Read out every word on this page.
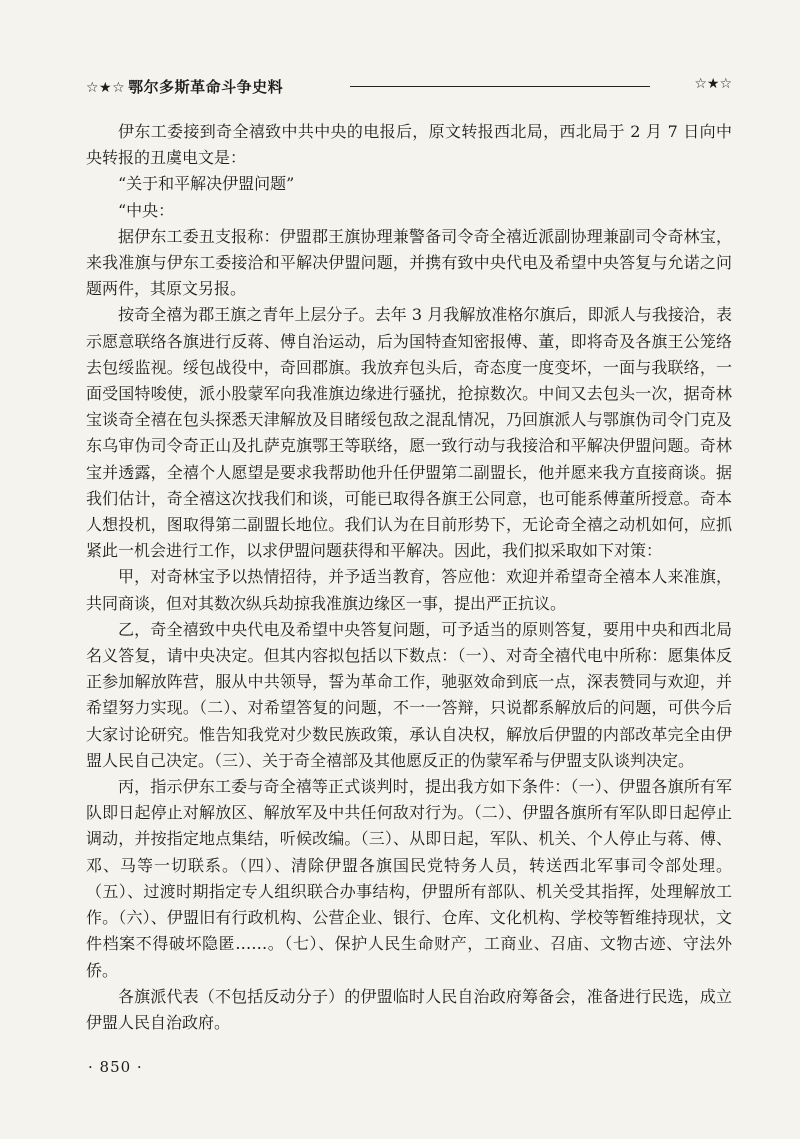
☆★☆ 鄂尔多斯革命斗争史料	☆★☆

伊东工委接到奇全禧致中共中央的电报后，原文转报西北局，西北局于 2 月 7 日向中央转报的丑虞电文是：

“关于和平解决伊盟问题”

“中央：

据伊东工委丑支报称：伊盟郡王旗协理兼警备司令奇全禧近派副协理兼副司令奇林宝，来我准旗与伊东工委接洽和平解决伊盟问题，并携有致中央代电及希望中央答复与允诺之问题两件，其原文另报。

按奇全禧为郡王旗之青年上层分子。去年 3 月我解放准格尔旗后，即派人与我接洽，表示愿意联络各旗进行反蒋、傅自治运动，后为国特查知密报傅、董，即将奇及各旗王公笼络去包绥监视。绥包战役中，奇回郡旗。我放弃包头后，奇态度一度变坏，一面与我联络，一面受国特唆使，派小股蒙军向我准旗边缘进行骚扰，抢掠数次。中间又去包头一次，据奇林宝谈奇全禧在包头探悉天津解放及目睹绥包敌之混乱情况，乃回旗派人与鄂旗伪司令门克及东乌审伪司令奇正山及扎萨克旗鄂王等联络，愿一致行动与我接洽和平解决伊盟问题。奇林宝并透露，全禧个人愿望是要求我帮助他升任伊盟第二副盟长，他并愿来我方直接商谈。据我们估计，奇全禧这次找我们和谈，可能已取得各旗王公同意，也可能系傅董所授意。奇本人想投机，图取得第二副盟长地位。我们认为在目前形势下，无论奇全禧之动机如何，应抓紧此一机会进行工作，以求伊盟问题获得和平解决。因此，我们拟采取如下对策：

甲，对奇林宝予以热情招待，并予适当教育，答应他：欢迎并希望奇全禧本人来准旗，共同商谈，但对其数次纵兵劫掠我准旗边缘区一事，提出严正抗议。

乙，奇全禧致中央代电及希望中央答复问题，可予适当的原则答复，要用中央和西北局名义答复，请中央决定。但其内容拟包括以下数点：（一）、对奇全禧代电中所称：愿集体反正参加解放阵营，服从中共领导，誓为革命工作，驰驱效命到底一点，深表赞同与欢迎，并希望努力实现。（二）、对希望答复的问题，不一一答辩，只说都系解放后的问题，可供今后大家讨论研究。惟告知我党对少数民族政策，承认自决权，解放后伊盟的内部改革完全由伊盟人民自己决定。（三）、关于奇全禧部及其他愿反正的伪蒙军希与伊盟支队谈判决定。

丙，指示伊东工委与奇全禧等正式谈判时，提出我方如下条件：（一）、伊盟各旗所有军队即日起停止对解放区、解放军及中共任何敌对行为。（二）、伊盟各旗所有军队即日起停止调动，并按指定地点集结，听候改编。（三）、从即日起，军队、机关、个人停止与蒋、傅、邓、马等一切联系。（四）、清除伊盟各旗国民党特务人员，转送西北军事司令部处理。（五）、过渡时期指定专人组织联合办事结构，伊盟所有部队、机关受其指挥，处理解放工作。（六）、伊盟旧有行政机构、公营企业、银行、仓库、文化机构、学校等暂维持现状，文件档案不得破坏隐匿……。（七）、保护人民生命财产，工商业、召庙、文物古迹、守法外侨。

各旗派代表（不包括反动分子）的伊盟临时人民自治政府筹备会，准备进行民选，成立伊盟人民自治政府。

· 850 ·
